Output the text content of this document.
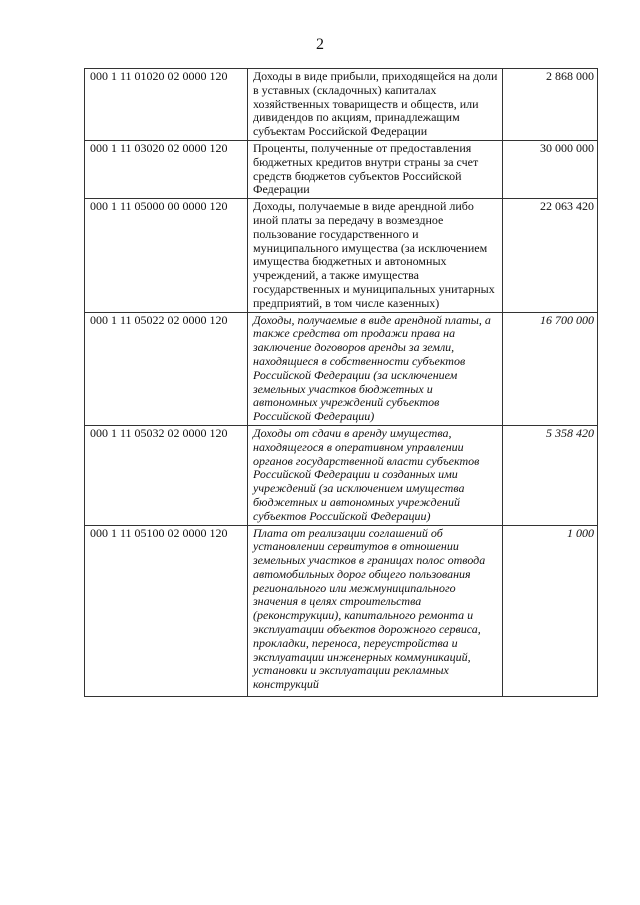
2
000 1 11 01020 02 0000 120	Доходы в виде прибыли, приходящейся на доли в уставных (складочных) капиталах хозяйственных товариществ и обществ, или дивидендов по акциям, принадлежащим субъектам Российской Федерации	2 868 000
000 1 11 03020 02 0000 120	Проценты, полученные от предоставления бюджетных кредитов внутри страны за счет средств бюджетов субъектов Российской Федерации	30 000 000
000 1 11 05000 00 0000 120	Доходы, получаемые в виде арендной либо иной платы за передачу в возмездное пользование государственного и муниципального имущества (за исключением имущества бюджетных и автономных учреждений, а также имущества государственных и муниципальных унитарных предприятий, в том числе казенных)	22 063 420
000 1 11 05022 02 0000 120	Доходы, получаемые в виде арендной платы, а также средства от продажи права на заключение договоров аренды за земли, находящиеся в собственности субъектов Российской Федерации (за исключением земельных участков бюджетных и автономных учреждений субъектов Российской Федерации)	16 700 000
000 1 11 05032 02 0000 120	Доходы от сдачи в аренду имущества, находящегося в оперативном управлении органов государственной власти субъектов Российской Федерации и созданных ими учреждений (за исключением имущества бюджетных и автономных учреждений субъектов Российской Федерации)	5 358 420
000 1 11 05100 02 0000 120	Плата от реализации соглашений об установлении сервитутов в отношении земельных участков в границах полос отвода автомобильных дорог общего пользования регионального или межмуниципального значения в целях строительства (реконструкции), капитального ремонта и эксплуатации объектов дорожного сервиса, прокладки, переноса, переустройства и эксплуатации инженерных коммуникаций, установки и эксплуатации рекламных конструкций	1 000
